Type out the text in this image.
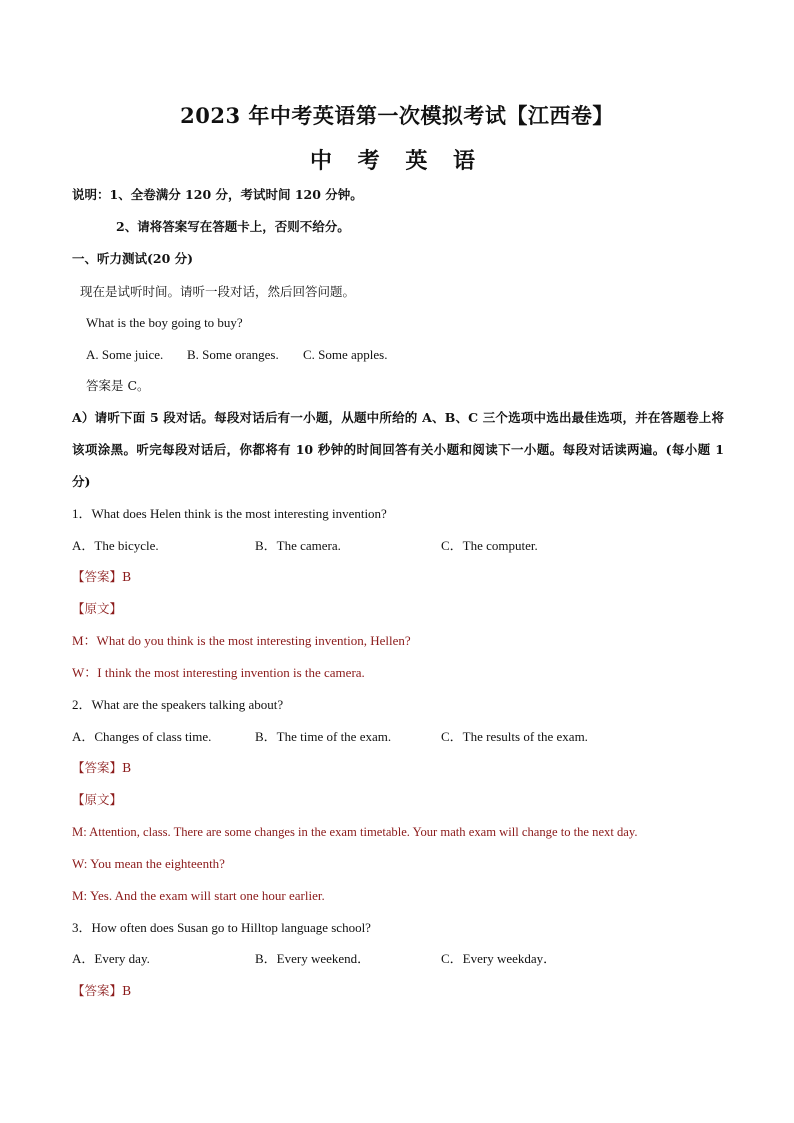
2023 年中考英语第一次模拟考试【江西卷】
中 考 英 语
说明：1、全卷满分 120 分，考试时间 120 分钟。
2、请将答案写在答题卡上，否则不给分。
一、听力测试(20 分)
现在是试听时间。请听一段对话，然后回答问题。
What is the boy going to buy?
A. Some juice. B. Some oranges. C. Some apples.
答案是 C。
A）请听下面 5 段对话。每段对话后有一小题，从题中所给的 A、B、C 三个选项中选出最佳选项，并在答题卷上将该项涂黑。听完每段对话后，你都将有 10 秒钟的时间回答有关小题和阅读下一小题。每段对话读两遍。(每小题 1 分)
1．What does Helen think is the most interesting invention?
A．The bicycle.	B．The camera.	C．The computer.
【答案】B
【原文】
M：What do you think is the most interesting invention, Hellen?
W：I think the most interesting invention is the camera.
2．What are the speakers talking about?
A．Changes of class time.	B．The time of the exam.	C．The results of the exam.
【答案】B
【原文】
M: Attention, class. There are some changes in the exam timetable. Your math exam will change to the next day.
W: You mean the eighteenth?
M: Yes. And the exam will start one hour earlier.
3．How often does Susan go to Hilltop language school?
A．Every day.	B．Every weekend．	C．Every weekday．
【答案】B
